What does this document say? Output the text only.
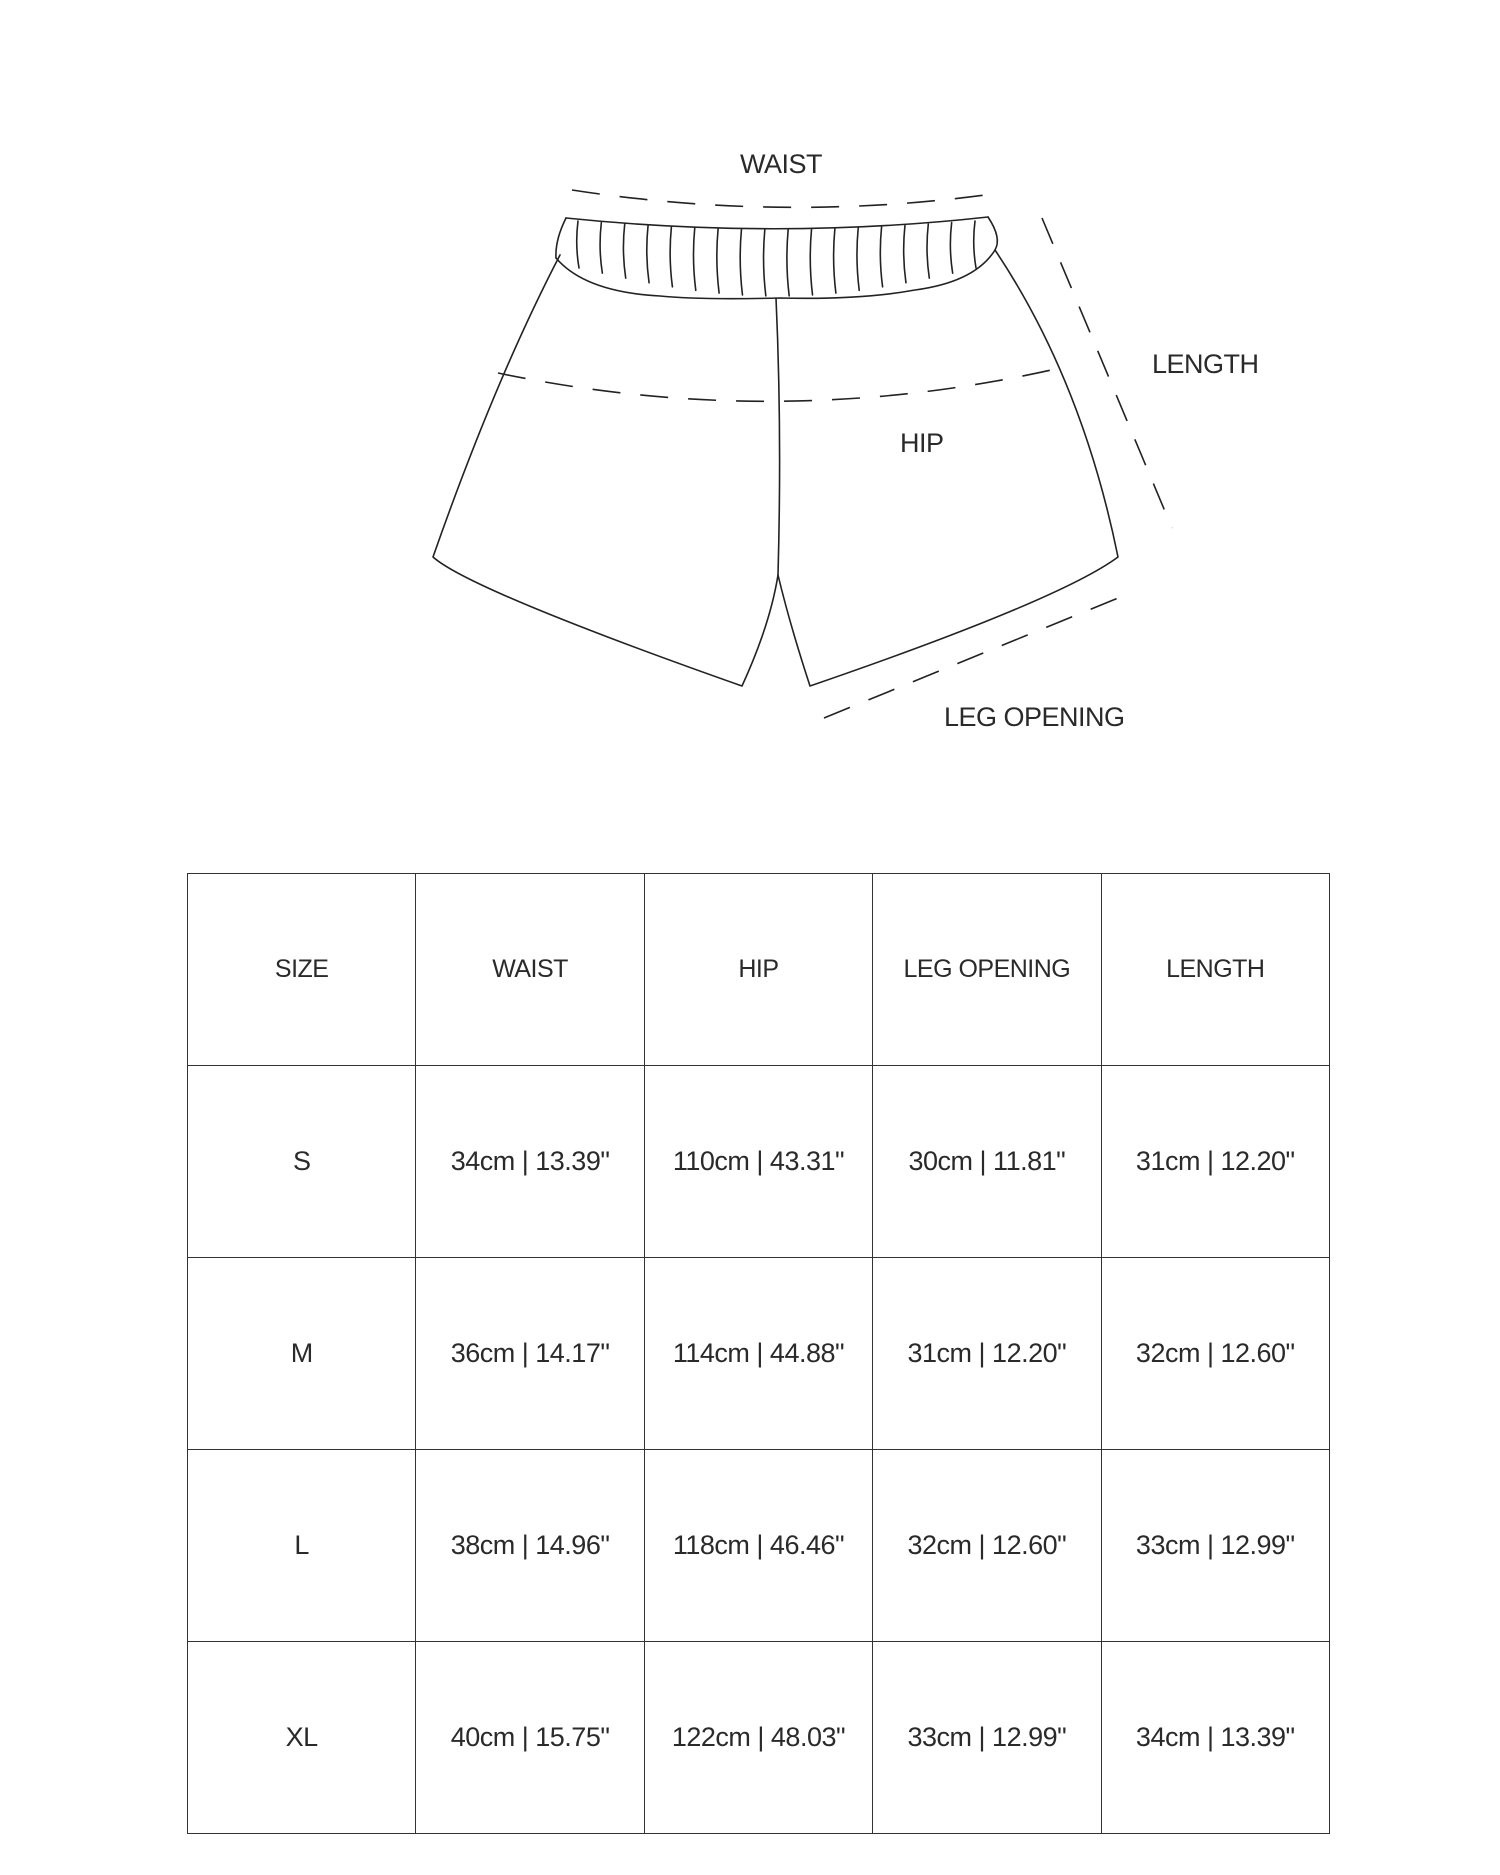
WAIST
LENGTH
HIP
LEG OPENING
SIZE	WAIST	HIP	LEG OPENING	LENGTH
S	34cm | 13.39"	110cm | 43.31"	30cm | 11.81"	31cm | 12.20"
M	36cm | 14.17"	114cm | 44.88"	31cm | 12.20"	32cm | 12.60"
L	38cm | 14.96"	118cm | 46.46"	32cm | 12.60"	33cm | 12.99"
XL	40cm | 15.75"	122cm | 48.03"	33cm | 12.99"	34cm | 13.39"
